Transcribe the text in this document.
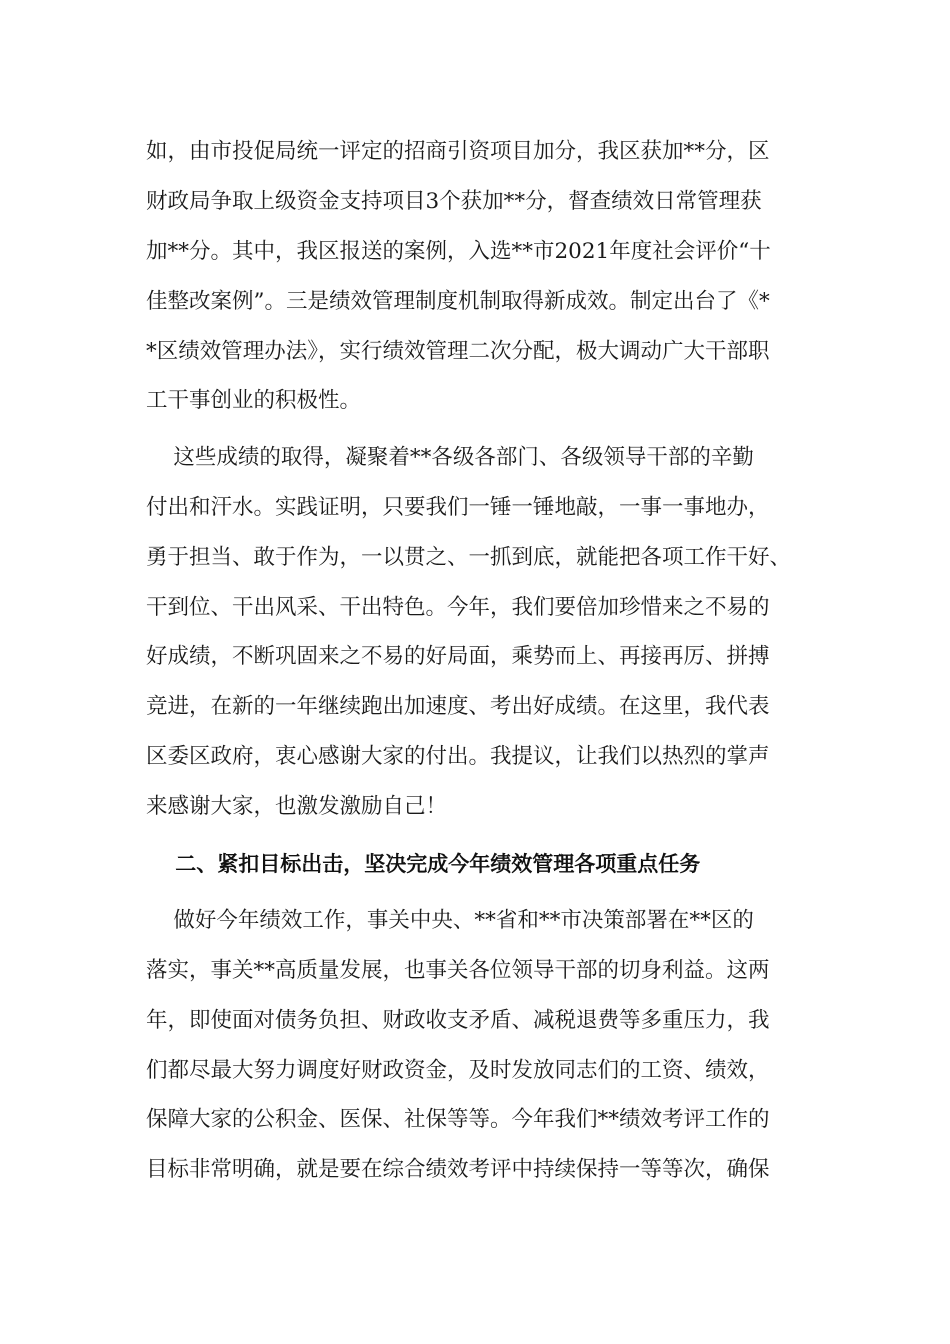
如，由市投促局统一评定的招商引资项目加分，我区获加**分，区
财政局争取上级资金支持项目3个获加**分，督查绩效日常管理获
加**分。其中，我区报送的案例，入选**市2021年度社会评价“十
佳整改案例”。三是绩效管理制度机制取得新成效。制定出台了《*
*区绩效管理办法》，实行绩效管理二次分配，极大调动广大干部职
工干事创业的积极性。
这些成绩的取得，凝聚着**各级各部门、各级领导干部的辛勤
付出和汗水。实践证明，只要我们一锤一锤地敲，一事一事地办，
勇于担当、敢于作为，一以贯之、一抓到底，就能把各项工作干好、
干到位、干出风采、干出特色。今年，我们要倍加珍惜来之不易的
好成绩，不断巩固来之不易的好局面，乘势而上、再接再厉、拼搏
竞进，在新的一年继续跑出加速度、考出好成绩。在这里，我代表
区委区政府，衷心感谢大家的付出。我提议，让我们以热烈的掌声
来感谢大家，也激发激励自己！
二、紧扣目标出击，坚决完成今年绩效管理各项重点任务
做好今年绩效工作，事关中央、**省和**市决策部署在**区的
落实，事关**高质量发展，也事关各位领导干部的切身利益。这两
年，即使面对债务负担、财政收支矛盾、减税退费等多重压力，我
们都尽最大努力调度好财政资金，及时发放同志们的工资、绩效，
保障大家的公积金、医保、社保等等。今年我们**绩效考评工作的
目标非常明确，就是要在综合绩效考评中持续保持一等等次，确保
